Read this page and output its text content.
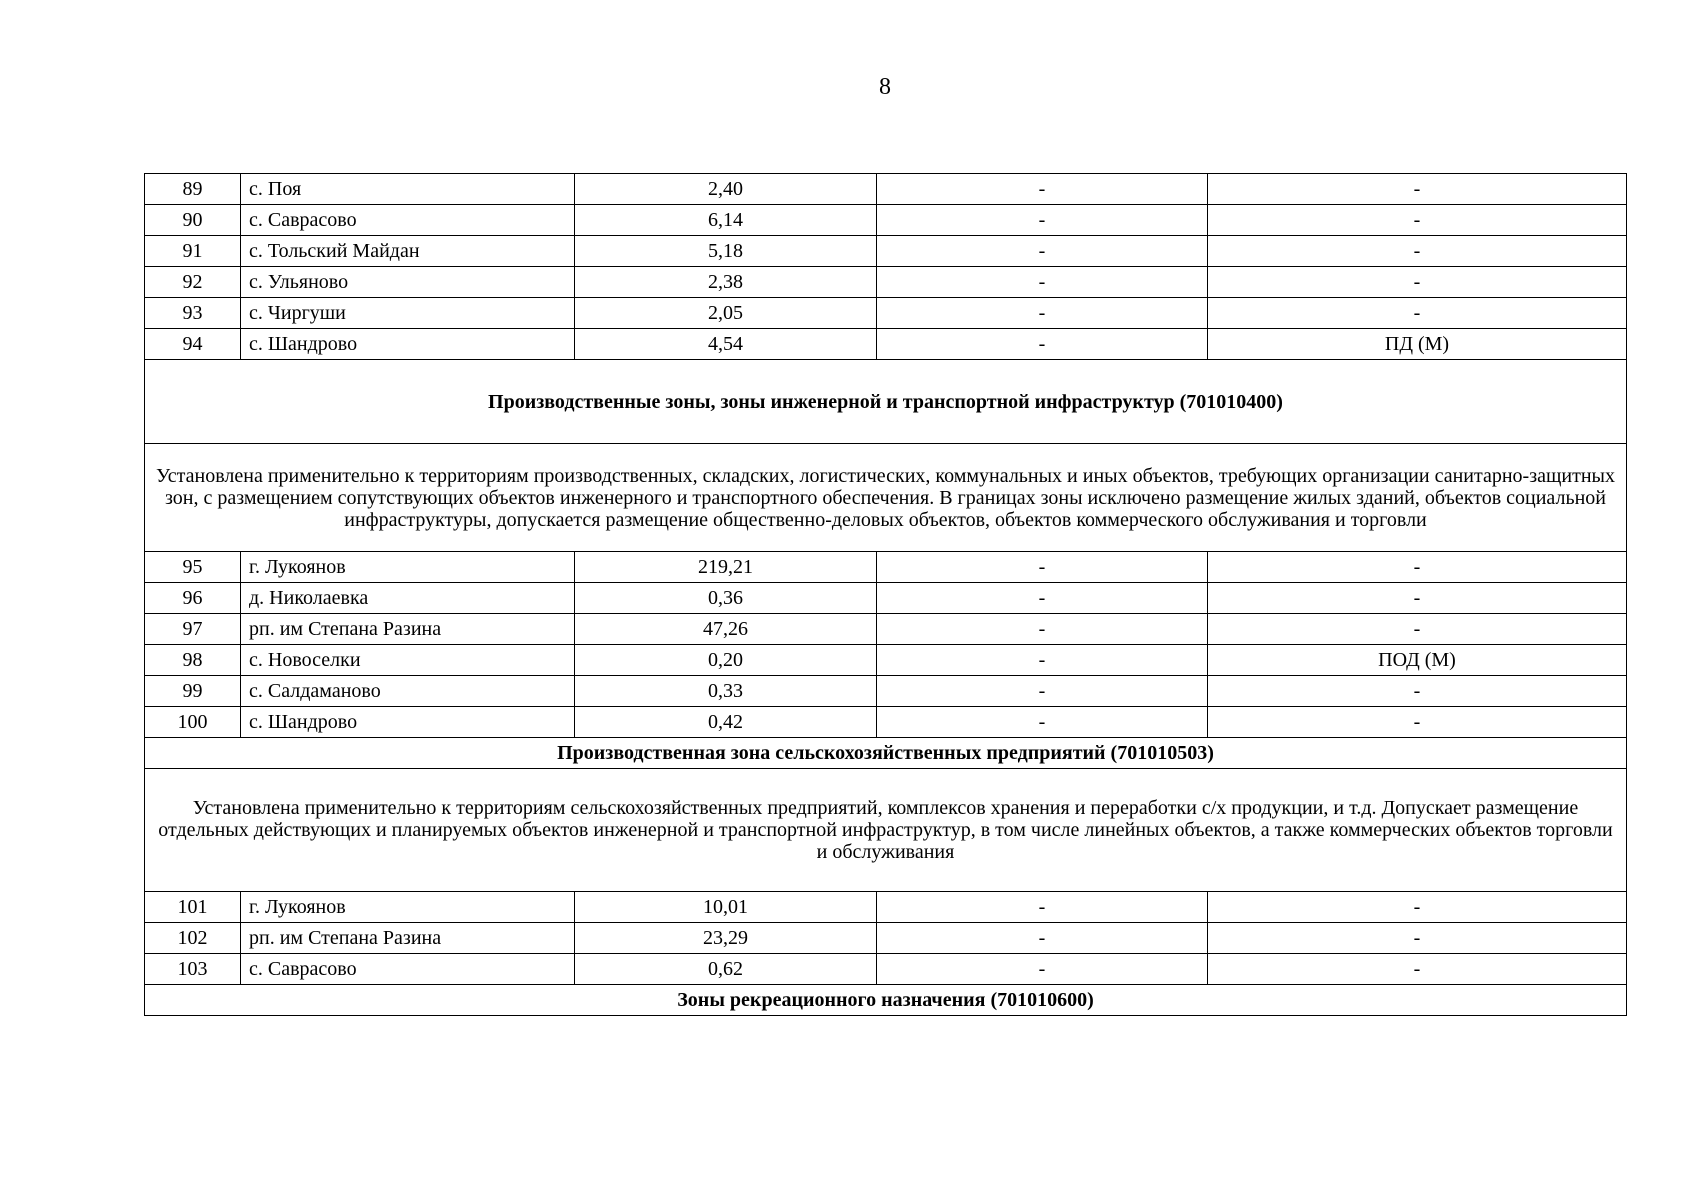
8
89	с. Поя	2,40	-	-
90	с. Саврасово	6,14	-	-
91	с. Тольский Майдан	5,18	-	-
92	с. Ульяново	2,38	-	-
93	с. Чиргуши	2,05	-	-
94	с. Шандрово	4,54	-	ПД (М)
Производственные зоны, зоны инженерной и транспортной инфраструктур (701010400)				
Установлена применительно к территориям производственных, складских, логистических, коммунальных и иных объектов, требующих организации санитарно-защитных зон, с размещением сопутствующих объектов инженерного и транспортного обеспечения. В границах зоны исключено размещение жилых зданий, объектов социальной инфраструктуры, допускается размещение общественно-деловых объектов, объектов коммерческого обслуживания и торговли				
95	г. Лукоянов	219,21	-	-
96	д. Николаевка	0,36	-	-
97	рп. им Степана Разина	47,26	-	-
98	с. Новоселки	0,20	-	ПОД (М)
99	с. Салдаманово	0,33	-	-
100	с. Шандрово	0,42	-	-
Производственная зона сельскохозяйственных предприятий (701010503)				
Установлена применительно к территориям сельскохозяйственных предприятий, комплексов хранения и переработки с/х продукции, и т.д. Допускает размещение отдельных действующих и планируемых объектов инженерной и транспортной инфраструктур, в том числе линейных объектов, а также коммерческих объектов торговли и обслуживания				
101	г. Лукоянов	10,01	-	-
102	рп. им Степана Разина	23,29	-	-
103	с. Саврасово	0,62	-	-
Зоны рекреационного назначения (701010600)				
